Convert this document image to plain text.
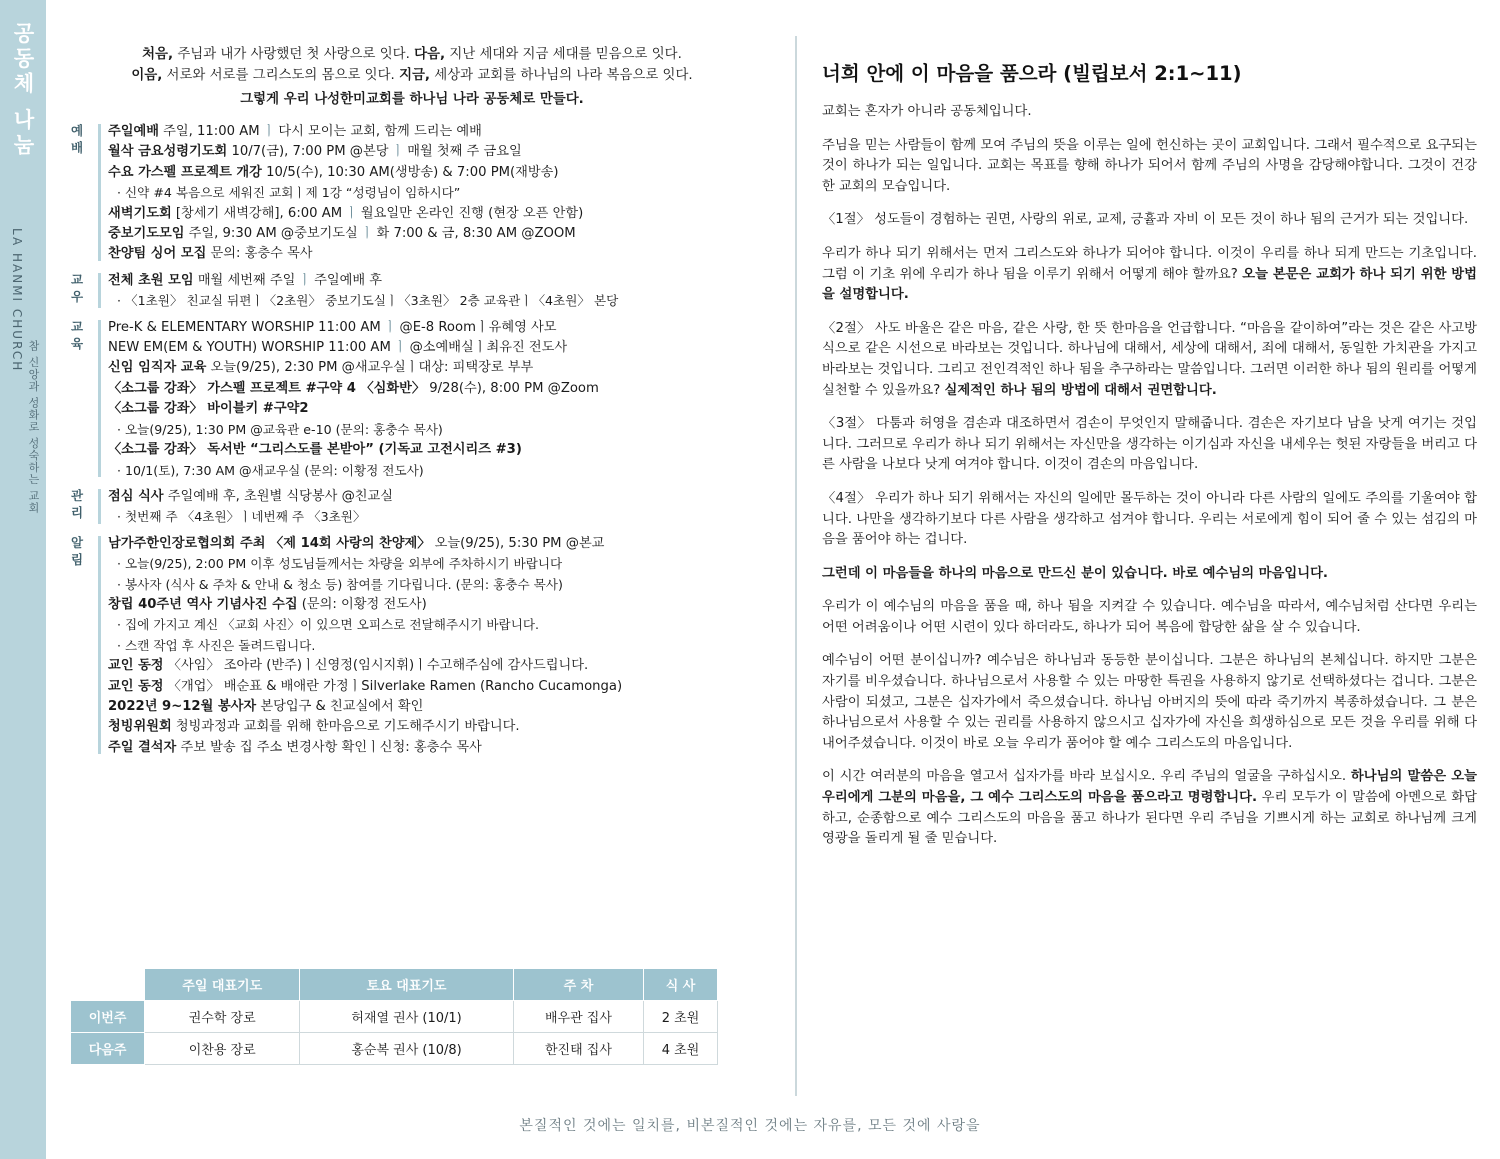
공동체 나눔
LA HANMI CHURCH
참 신앙과 성화로 성숙하는 교회
처음, 주님과 내가 사랑했던 첫 사랑으로 잇다. 다음, 지난 세대와 지금 세대를 믿음으로 잇다.
이음, 서로와 서로를 그리스도의 몸으로 잇다. 지금, 세상과 교회를 하나님의 나라 복음으로 잇다.
그렇게 우리 나성한미교회를 하나님 나라 공동체로 만들다.
예
배
주일예배 주일, 11:00 AM ㅣ 다시 모이는 교회, 함께 드리는 예배
월삭 금요성령기도회 10/7(금), 7:00 PM @본당 ㅣ 매월 첫째 주 금요일
수요 가스펠 프로젝트 개강 10/5(수), 10:30 AM(생방송) & 7:00 PM(재방송)
· 신약 #4 복음으로 세워진 교회ㅣ제 1강 “성령님이 임하시다”
새벽기도회 [창세기 새벽강해], 6:00 AM ㅣ 월요일만 온라인 진행 (현장 오픈 안함)
중보기도모임 주일, 9:30 AM @중보기도실 ㅣ 화 7:00 & 금, 8:30 AM @ZOOM
찬양팀 싱어 모집 문의: 홍충수 목사
교
우
전체 초원 모임 매월 세번째 주일 ㅣ 주일예배 후
· 〈1초원〉 친교실 뒤편ㅣ〈2초원〉 중보기도실ㅣ〈3초원〉 2층 교육관ㅣ〈4초원〉 본당
교
육
Pre-K & ELEMENTARY WORSHIP 11:00 AM ㅣ @E-8 Roomㅣ유혜영 사모
NEW EM(EM & YOUTH) WORSHIP 11:00 AM ㅣ @소예배실ㅣ최유진 전도사
신임 임직자 교육 오늘(9/25), 2:30 PM @새교우실ㅣ대상: 피택장로 부부
〈소그룹 강좌〉 가스펠 프로젝트 #구약 4 〈심화반〉 9/28(수), 8:00 PM @Zoom
〈소그룹 강좌〉 바이블키 #구약2
· 오늘(9/25), 1:30 PM @교육관 e-10 (문의: 홍충수 목사)
〈소그룹 강좌〉 독서반 “그리스도를 본받아” (기독교 고전시리즈 #3)
· 10/1(토), 7:30 AM @새교우실 (문의: 이황정 전도사)
관
리
점심 식사 주일예배 후, 초원별 식당봉사 @친교실
· 첫번째 주 〈4초원〉ㅣ네번째 주 〈3초원〉
알
림
남가주한인장로협의회 주최 〈제 14회 사랑의 찬양제〉 오늘(9/25), 5:30 PM @본교
· 오늘(9/25), 2:00 PM 이후 성도님들께서는 차량을 외부에 주차하시기 바랍니다
· 봉사자 (식사 & 주차 & 안내 & 청소 등) 참여를 기다립니다. (문의: 홍충수 목사)
창립 40주년 역사 기념사진 수집 (문의: 이황정 전도사)
· 집에 가지고 계신 〈교회 사진〉이 있으면 오피스로 전달해주시기 바랍니다.
· 스캔 작업 후 사진은 돌려드립니다.
교인 동정 〈사임〉 조아라 (반주)ㅣ신영정(임시지휘)ㅣ수고해주심에 감사드립니다.
교인 동정 〈개업〉 배순표 & 배애란 가정ㅣSilverlake Ramen (Rancho Cucamonga)
2022년 9~12월 봉사자 본당입구 & 친교실에서 확인
청빙위원회 청빙과정과 교회를 위해 한마음으로 기도해주시기 바랍니다.
주일 결석자 주보 발송 집 주소 변경사항 확인ㅣ신청: 홍충수 목사
	주일 대표기도	토요 대표기도	주 차	식 사
이번주	권수학 장로	허재열 권사 (10/1)	배우관 집사	2 초원
다음주	이찬용 장로	홍순복 권사 (10/8)	한진태 집사	4 초원
너희 안에 이 마음을 품으라 (빌립보서 2:1~11)

교회는 혼자가 아니라 공동체입니다.

주님을 믿는 사람들이 함께 모여 주님의 뜻을 이루는 일에 헌신하는 곳이 교회입니다. 그래서 필수적으로 요구되는 것이 하나가 되는 일입니다. 교회는 목표를 향해 하나가 되어서 함께 주님의 사명을 감당해야합니다. 그것이 건강한 교회의 모습입니다.

〈1절〉 성도들이 경험하는 권면, 사랑의 위로, 교제, 긍휼과 자비 이 모든 것이 하나 됨의 근거가 되는 것입니다.

우리가 하나 되기 위해서는 먼저 그리스도와 하나가 되어야 합니다. 이것이 우리를 하나 되게 만드는 기초입니다. 그럼 이 기초 위에 우리가 하나 됨을 이루기 위해서 어떻게 해야 할까요? 오늘 본문은 교회가 하나 되기 위한 방법을 설명합니다.

〈2절〉 사도 바울은 같은 마음, 같은 사랑, 한 뜻 한마음을 언급합니다. “마음을 같이하여”라는 것은 같은 사고방식으로 같은 시선으로 바라보는 것입니다. 하나님에 대해서, 세상에 대해서, 죄에 대해서, 동일한 가치관을 가지고 바라보는 것입니다. 그리고 전인격적인 하나 됨을 추구하라는 말씀입니다. 그러면 이러한 하나 됨의 원리를 어떻게 실천할 수 있을까요? 실제적인 하나 됨의 방법에 대해서 권면합니다.

〈3절〉 다툼과 허영을 겸손과 대조하면서 겸손이 무엇인지 말해줍니다. 겸손은 자기보다 남을 낫게 여기는 것입니다. 그러므로 우리가 하나 되기 위해서는 자신만을 생각하는 이기심과 자신을 내세우는 헛된 자랑들을 버리고 다른 사람을 나보다 낫게 여겨야 합니다. 이것이 겸손의 마음입니다.

〈4절〉 우리가 하나 되기 위해서는 자신의 일에만 몰두하는 것이 아니라 다른 사람의 일에도 주의를 기울여야 합니다. 나만을 생각하기보다 다른 사람을 생각하고 섬겨야 합니다. 우리는 서로에게 힘이 되어 줄 수 있는 섬김의 마음을 품어야 하는 겁니다.

그런데 이 마음들을 하나의 마음으로 만드신 분이 있습니다. 바로 예수님의 마음입니다.

우리가 이 예수님의 마음을 품을 때, 하나 됨을 지켜갈 수 있습니다. 예수님을 따라서, 예수님처럼 산다면 우리는 어떤 어려움이나 어떤 시련이 있다 하더라도, 하나가 되어 복음에 합당한 삶을 살 수 있습니다.

예수님이 어떤 분이십니까? 예수님은 하나님과 동등한 분이십니다. 그분은 하나님의 본체십니다. 하지만 그분은 자기를 비우셨습니다. 하나님으로서 사용할 수 있는 마땅한 특권을 사용하지 않기로 선택하셨다는 겁니다. 그분은 사람이 되셨고, 그분은 십자가에서 죽으셨습니다. 하나님 아버지의 뜻에 따라 죽기까지 복종하셨습니다. 그 분은 하나님으로서 사용할 수 있는 권리를 사용하지 않으시고 십자가에 자신을 희생하심으로 모든 것을 우리를 위해 다 내어주셨습니다. 이것이 바로 오늘 우리가 품어야 할 예수 그리스도의 마음입니다.

이 시간 여러분의 마음을 열고서 십자가를 바라 보십시오. 우리 주님의 얼굴을 구하십시오. 하나님의 말씀은 오늘 우리에게 그분의 마음을, 그 예수 그리스도의 마음을 품으라고 명령합니다. 우리 모두가 이 말씀에 아멘으로 화답하고, 순종함으로 예수 그리스도의 마음을 품고 하나가 된다면 우리 주님을 기쁘시게 하는 교회로 하나님께 크게 영광을 돌리게 될 줄 믿습니다.

본질적인 것에는 일치를, 비본질적인 것에는 자유를, 모든 것에 사랑을
